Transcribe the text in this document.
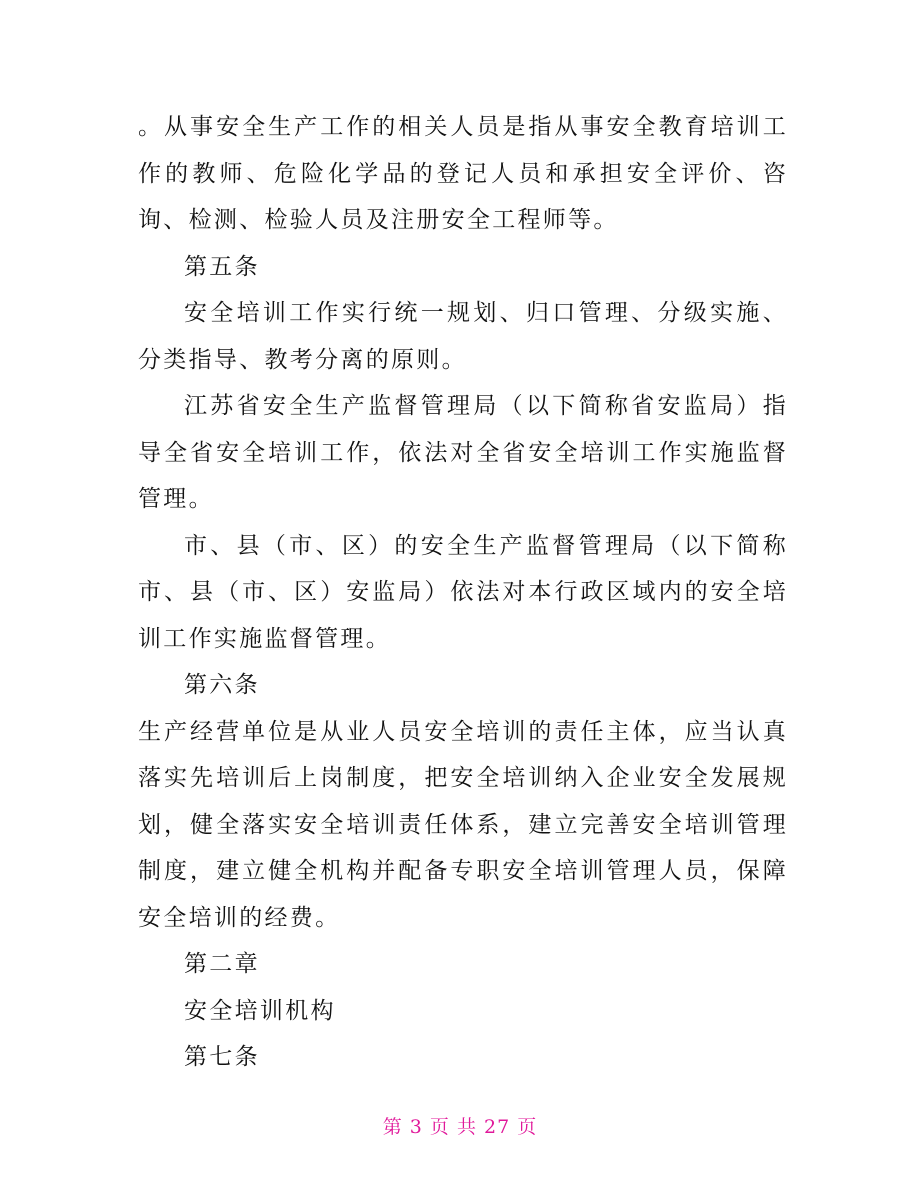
。从事安全生产工作的相关人员是指从事安全教育培训工作的教师、危险化学品的登记人员和承担安全评价、咨询、检测、检验人员及注册安全工程师等。

第五条

安全培训工作实行统一规划、归口管理、分级实施、分类指导、教考分离的原则。

江苏省安全生产监督管理局（以下简称省安监局）指导全省安全培训工作，依法对全省安全培训工作实施监督管理。

市、县（市、区）的安全生产监督管理局（以下简称市、县（市、区）安监局）依法对本行政区域内的安全培训工作实施监督管理。

第六条

生产经营单位是从业人员安全培训的责任主体，应当认真落实先培训后上岗制度，把安全培训纳入企业安全发展规划，健全落实安全培训责任体系，建立完善安全培训管理制度，建立健全机构并配备专职安全培训管理人员，保障安全培训的经费。

第二章

安全培训机构

第七条

第 3 页 共 27 页
